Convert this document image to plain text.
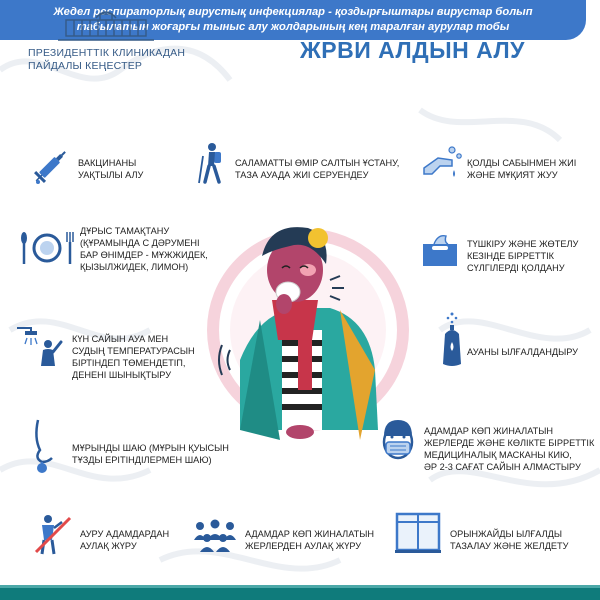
ПРЕЗИДЕНТТІК КЛИНИКАДАН
ПАЙДАЛЫ КЕҢЕСТЕР
ЖРВИ АЛДЫН АЛУ
Жедел респираторлық вирустық инфекциялар - қоздырғыштары вирустар болып
табылатын жоғарғы тыныс алу жолдарының кең таралған аурулар тобы
ВАКЦИНАНЫ
УАҚТЫЛЫ АЛУ
САЛАМАТТЫ ӨМІР САЛТЫН ҰСТАНУ,
ТАЗА АУАДА ЖИІ СЕРУЕНДЕУ
ҚОЛДЫ САБЫНМЕН ЖИІ
ЖӘНЕ МҰҚИЯТ ЖУУ
ДҰРЫС ТАМАҚТАНУ
(ҚҰРАМЫНДА С ДӘРУМЕНІ
БАР ӨНІМДЕР - МҰЖЖИДЕК,
ҚЫЗЫЛЖИДЕК, ЛИМОН)
ТҮШКІРУ ЖӘНЕ ЖӨТЕЛУ
КЕЗІНДЕ БІРРЕТТІК
СҮЛГІЛЕРДІ ҚОЛДАНУ
КҮН САЙЫН АУА МЕН
СУДЫҢ ТЕМПЕРАТУРАСЫН
БІРТІНДЕП ТӨМЕНДЕТІП,
ДЕНЕНІ ШЫНЫҚТЫРУ
АУАНЫ ЫЛҒАЛДАНДЫРУ
МҰРЫНДЫ ШАЮ (МҰРЫН ҚУЫСЫН
ТҰЗДЫ ЕРІТІНДІЛЕРМЕН ШАЮ)
АДАМДАР КӨП ЖИНАЛАТЫН
ЖЕРЛЕРДЕ ЖӘНЕ КӨЛІКТЕ БІРРЕТТІК
МЕДИЦИНАЛЫҚ МАСКАНЫ КИЮ,
ӘР 2-3 САҒАТ САЙЫН АЛМАСТЫРУ
АУРУ АДАМДАРДАН
АУЛАҚ ЖҮРУ
АДАМДАР КӨП ЖИНАЛАТЫН
ЖЕРЛЕРДЕН АУЛАҚ ЖҮРУ
ОРЫНЖАЙДЫ ЫЛҒАЛДЫ
ТАЗАЛАУ ЖӘНЕ ЖЕЛДЕТУ
